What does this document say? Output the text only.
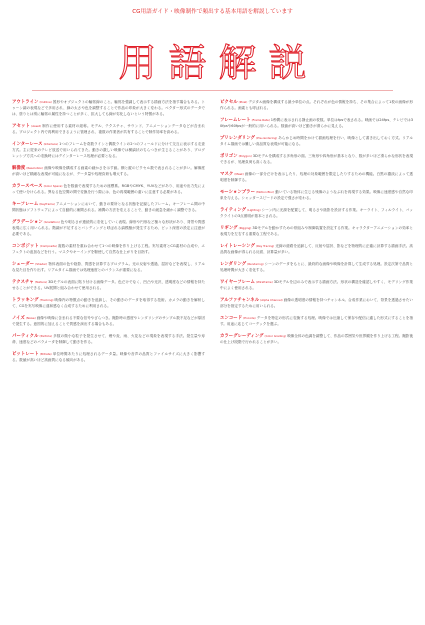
CG用語ガイド・映像制作で頻出する基本用語を解説しています
用語解説

アウトライン(Outline)図形やオブジェクトの輪郭線のこと。輪郭を強調して表示する描画方法を指す場合もある。トゥーン調の表現などで多用され、線の太さや色を調整することで作品の印象が大きく変わる。ベクター形式のデータでは、塗りとは別に輪郭の属性を持つことが多く、拡大しても線が劣化しないという特徴がある。

アセット(Asset)制作に使用する素材の総称。モデル、テクスチャ、サウンド、アニメーションデータなどが含まれる。プロジェクト内で再利用できるように管理され、複数の作業者が共有することで制作効率を高める。

インターレース(Interlace)1つのフレームを奇数ラインと偶数ラインの2つのフィールドに分けて交互に表示する走査方式。主に従来のテレビ放送で用いられてきた。動きの激しい映像では横縞状のちらつきが生じることがあり、プログレッシブ方式への変換時にはデインターレース処理が必要となる。

解像度(Resolution)画像や映像を構成する画素の細かさを示す値。横と縦のピクセル数で表されることが多い。解像度が高いほど精細な表現が可能になるが、データ量や処理負荷も増大する。

カラースペース(Color Space)色を数値で表現するための座標系。RGBやCMYK、YUVなどがあり、用途や出力先によって使い分けられる。異なる色空間の間で変換を行う際には、色の再現範囲の違いに注意する必要がある。

キーフレーム(Keyframe)アニメーションにおいて、動きの要所となる状態を記録したフレーム。キーフレーム間の中間状態はソフトウェアによって自動的に補間される。補間の方法を変えることで、動きの緩急を細かく調整できる。

グラデーション(Gradation)色や明るさが連続的に変化していく表現。線形や円形など様々な形状があり、背景や質感表現に広く用いられる。階調が不足するとバンディングと呼ばれる縞模様が発生するため、ビット深度の設定に注意が必要である。

コンポジット(Composite)複数の素材を重ね合わせて1つの映像を作り上げる工程。実写素材とCG素材の合成や、エフェクトの追加などを行う。マスクやキーイングを駆使して自然な仕上がりを目指す。

シェーダー(Shader)物体表面の色や陰影、質感を計算するプログラム。光の反射や透過、屈折などを表現し、リアルな見た目を作り出す。リアルタイム描画では処理速度とのバランスが重要になる。

テクスチャ(Texture)3Dモデルの表面に貼り付ける画像データ。色だけでなく、凹凸や光沢、透明度などの情報を持たせることができる。UV展開と組み合わせて使用される。

トラッキング(Tracking)映像内の特徴点の動きを追跡し、その動きのデータを取得する技術。カメラの動きを解析して、CGを実写映像に違和感なく合成するために利用される。

ノイズ(Noise)画像や映像に含まれる不要な信号やざらつき。撮影時の感度やレンダリングのサンプル数不足などが原因で発生する。意図的に加えることで質感を演出する場合もある。

パーティクル(Particle)多数の微小な粒子を発生させて、煙や炎、雨、火花などの現象を表現する手法。発生量や寿命、速度などのパラメータを制御して動きを作る。

ビットレート(Bitrate)単位時間あたりに処理されるデータ量。映像や音声の品質とファイルサイズに大きく影響する。数値が高いほど高画質になる傾向がある。

ピクセル(Pixel)デジタル画像を構成する最小単位の点。それぞれが色の情報を持ち、その集合によって1枚の画像が形作られる。画素とも呼ばれる。

フレームレート(Frame Rate)1秒間に表示される静止画の枚数。単位はfpsで表される。映画では24fps、テレビでは30fpsや60fpsが一般的に用いられる。数値が高いほど動きが滑らかに見える。

プリレンダリング(Pre-rendering)あらかじめ時間をかけて描画処理を行い、映像として書き出しておく方式。リアルタイム描画では難しい高品質な表現が可能になる。

ポリゴン(Polygon)3Dモデルを構成する多角形の面。三角形や四角形が基本となり、数が多いほど滑らかな形状を表現できるが、処理負荷も高くなる。

マスク(Mask)画像の一部分だけを表示したり、処理の対象範囲を限定したりするための機能。白黒の濃淡によって透明度を制御する。

モーションブラー(Motion Blur)動いている物体に生じる残像のようなぶれを再現する効果。映像に速度感や自然な印象を与える。シャッタースピードの設定で強さが変わる。

ライティング(Lighting)シーン内に光源を配置して、明るさや陰影を設計する作業。キーライト、フィルライト、バックライトの3点照明が基本とされる。

リギング(Rigging)3Dモデルを動かすための骨組みや制御装置を設定する作業。キャラクターアニメーションの効率と表現力を左右する重要な工程である。

レイトレーシング(Ray Tracing)光線の経路を追跡して、反射や屈折、影などを物理的に正確に計算する描画手法。高品質な画像が得られる反面、計算量が多い。

レンダリング(Rendering)シーンのデータをもとに、最終的な画像や映像を計算して生成する処理。設定次第で品質と処理時間が大きく変化する。

ワイヤーフレーム(Wireframe)3Dモデルを辺のみで表示する描画方法。形状の構造を確認しやすく、モデリング作業中によく使用される。

アルファチャンネル(Alpha Channel)画像の透明度の情報を持つチャンネル。合成作業において、背景を透過させたい部分を指定するために用いられる。

エンコード(Encode)データを特定の形式に変換する処理。映像では圧縮して保存や配信に適した形式にすることを指す。用途に応じてコーデックを選ぶ。

カラーグレーディング(Color Grading)映像全体の色調を調整して、作品の雰囲気や世界観を作り上げる工程。撮影後の仕上げ段階で行われることが多い。
